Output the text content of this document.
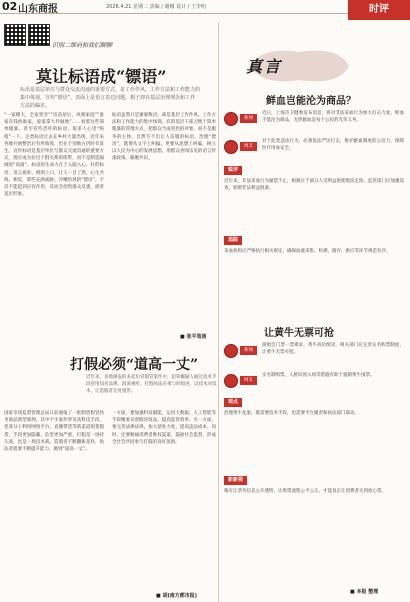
02 山东商报	2026.4.21 星期二 责编 / 谢娜 设计 / 王李明	时评
识别二维码和我们聊聊
莫让标语成“镖语”
标语是基层单位与群众交流沟通的重要方式，是工作作风、工作方法和工作能力的集中体现。宣传“镖语”，表面上是语言表达问题，根子却在基层治理理念和工作方法的偏差。
“一家赌大，全家变穷”“房前屋后，凤凰家庭”“谁家有钱放谁家，爱家拿大件做地”……看着这些简单粗暴、甚至有些恐吓的标语，很多人心里“咯噔”一下。这类标语过去在乡村大量出现，近年来各地开展整治后有所收敛，但在个别地方仍时有发生。宣传标语是基层单位与群众交流沟通的重要方式，理应成为拉近干群关系的纽带，而不是制造隔阂的“高墙”。标语的生命力在于入脑入心。好的标语，语言质朴、朗朗上口，让人一目了然、心生共鸣。相反，那些充满威胁、冷嘲热讽的“镖语”，不仅不能起到应有作用，反而会招致群众反感，损害基层形象。
标语虽然只是寥寥数语，却是基层工作作风、工作方法和工作能力的集中体现。有的基层干部习惯于简单粗暴的管理方式，把群众当成管控的对象，而不是服务的主体，自然写不出让人信服的标语。治理“镖语”，既要从文字上纠偏，更要从思想上纠偏，树立以人民为中心的发展思想，用群众喜闻乐见的语言传递政策、凝聚共识。
■ 张平笔谈
打假必须“道高一丈”
近年来，多地通报的多起仿冒假冒案件中，犯罪嫌疑人通过技术手段冒用知名品牌，混淆视听。打假执法必须与时俱进，以技术对技术，让造假者无处遁形。
国家市场监督管理总局日前通报了一批制售假冒伪劣商品典型案例。其中不少案件涉及高科技手段，犯罪分子利用网络平台、直播带货等新渠道销售假货，手段更加隐蔽，危害更加严重。打假是一场持久战，也是一场技术战。造假者不断翻新花样，执法者就要不断提升能力，做到“道高一丈”。
一方面，要加强科技赋能，运用大数据、人工智能等手段精准识别假冒商品，提高监管效率；另一方面，要完善法律法规，加大惩处力度，提高违法成本。同时，还要畅通消费者维权渠道，鼓励社会监督，形成全社会共同参与打假的良好氛围。
■ 胡(南方都市报)
真言
鲜血岂能沦为商品？
新闻
近日，上海市卫健委发布消息，将对非法采血行为加大打击力度。鲜血不能沦为商品，无偿献血是每个公民的光荣义务。
网友
对于此类违法行为，必须依法严厉打击，维护献血制度的公信力，保障医疗用血安全。
锐评
近年来，非法采血行为屡禁不止，根源在于部分人受利益驱使铤而走险。监管部门应加强巡查，斩断非法利益链条。
追踪
采血机构应严格执行相关规定，确保血液采集、检测、储存、供应等环节规范有序。
让黄牛无票可抢
新闻
演唱会门票一票难求，黄牛高价倒卖。相关部门应完善实名购票制度，让黄牛无票可抢。
网友
实名制购票、人脸识别入场等措施有助于遏制黄牛囤票。
观点
治理黄牛乱象，既需要技术手段，也需要平台履责和执法部门联动。
新新视
唯有让票务信息公开透明，让购票流程公平公正，才能真正让消费者买到放心票。
■ 本报 整理
